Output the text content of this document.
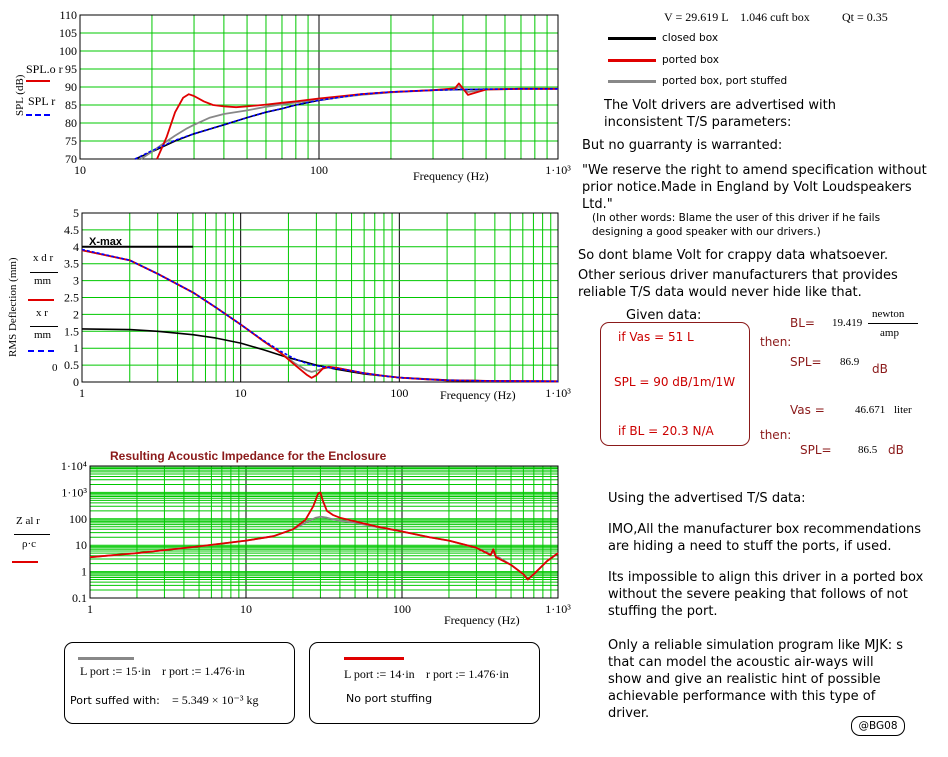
70
75
80
85
90
95
100
105
110
10	100	1·10³
0
0.5
1
1.5
2
2.5
3
3.5
4
4.5
5
1	10	100	1·10³
0.1
1
10
100
1·10³
1·10⁴
1	10	100	1·10³
SPL (dB)
SPL.o r
SPL r
Frequency (Hz)
RMS Deflection (mm) x d r
mm
x r
mm
0
X-max
Frequency (Hz)
Resulting Acoustic Impedance for the Enclosure
Z al r
ρ·c
Frequency (Hz)
V = 29.619 L    1.046 cuft box	Qt = 0.35
closed box
ported box
ported box, port stuffed
The Volt drivers are advertised with inconsistent T/S parameters:
But no guarranty is warranted:
"We reserve the right to amend specification without prior notice.Made in England by Volt Loudspeakers Ltd."
(In other words: Blame the user of this driver if he fails designing a good speaker with our drivers.)
So dont blame Volt for crappy data whatsoever.
Other serious driver manufacturers that provides reliable T/S data would never hide like that.
Given data:
if Vas = 51 L
SPL = 90 dB/1m/1W
if BL = 20.3 N/A
then:
then:
BL= 19.419
newton
amp
SPL= 86.9 dB
Vas =	46.671 liter
SPL= 86.5 dB
Using the advertised T/S data:
IMO,All the manufacturer box recommendations are hiding a need to stuff the ports, if used.
Its impossible to align this driver in a ported box without the severe peaking that follows of not stuffing the port.
Only a reliable simulation program like MJK: s that can model the acoustic air-ways will show and give an realistic hint of possible achievable performance with this type of driver.
@BG08
L port := 15·in r port := 1.476·in
Port suffed with: = 5.349 × 10⁻³ kg
L port := 14·in r port := 1.476·in
No port stuffing
